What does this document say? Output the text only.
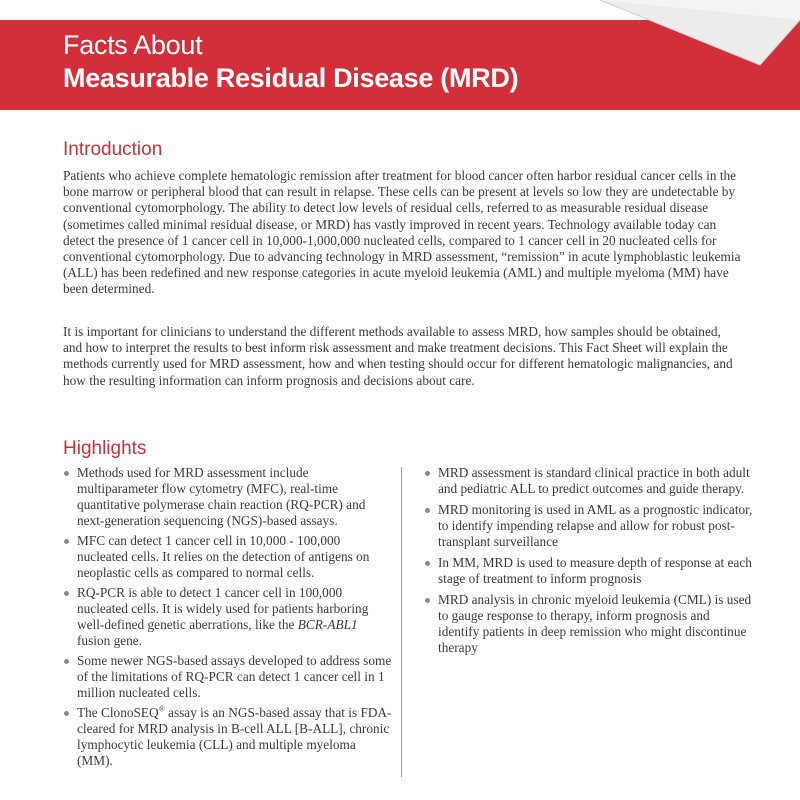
Facts About
Measurable Residual Disease (MRD)
Introduction

Patients who achieve complete hematologic remission after treatment for blood cancer often harbor residual cancer cells in the bone marrow or peripheral blood that can result in relapse. These cells can be present at levels so low they are undetectable by conventional cytomorphology. The ability to detect low levels of residual cells, referred to as measurable residual disease (sometimes called minimal residual disease, or MRD) has vastly improved in recent years. Technology available today can detect the presence of 1 cancer cell in 10,000-1,000,000 nucleated cells, compared to 1 cancer cell in 20 nucleated cells for conventional cytomorphology. Due to advancing technology in MRD assessment, “remission” in acute lymphoblastic leukemia (ALL) has been redefined and new response categories in acute myeloid leukemia (AML) and multiple myeloma (MM) have been determined.

It is important for clinicians to understand the different methods available to assess MRD, how samples should be obtained, and how to interpret the results to best inform risk assessment and make treatment decisions. This Fact Sheet will explain the methods currently used for MRD assessment, how and when testing should occur for different hematologic malignancies, and how the resulting information can inform prognosis and decisions about care.

Highlights
Methods used for MRD assessment include multiparameter flow cytometry (MFC), real-time quantitative polymerase chain reaction (RQ-PCR) and next-generation sequencing (NGS)-based assays.
MFC can detect 1 cancer cell in 10,000 - 100,000 nucleated cells. It relies on the detection of antigens on neoplastic cells as compared to normal cells.
RQ-PCR is able to detect 1 cancer cell in 100,000 nucleated cells. It is widely used for patients harboring well-defined genetic aberrations, like the BCR-ABL1 fusion gene.
Some newer NGS-based assays developed to address some of the limitations of RQ-PCR can detect 1 cancer cell in 1 million nucleated cells.
The ClonoSEQ® assay is an NGS-based assay that is FDA-cleared for MRD analysis in B-cell ALL [B-ALL], chronic lymphocytic leukemia (CLL) and multiple myeloma (MM).
MRD assessment is standard clinical practice in both adult and pediatric ALL to predict outcomes and guide therapy.
MRD monitoring is used in AML as a prognostic indicator, to identify impending relapse and allow for robust post-transplant surveillance
In MM, MRD is used to measure depth of response at each stage of treatment to inform prognosis
MRD analysis in chronic myeloid leukemia (CML) is used to gauge response to therapy, inform prognosis and identify patients in deep remission who might discontinue therapy
